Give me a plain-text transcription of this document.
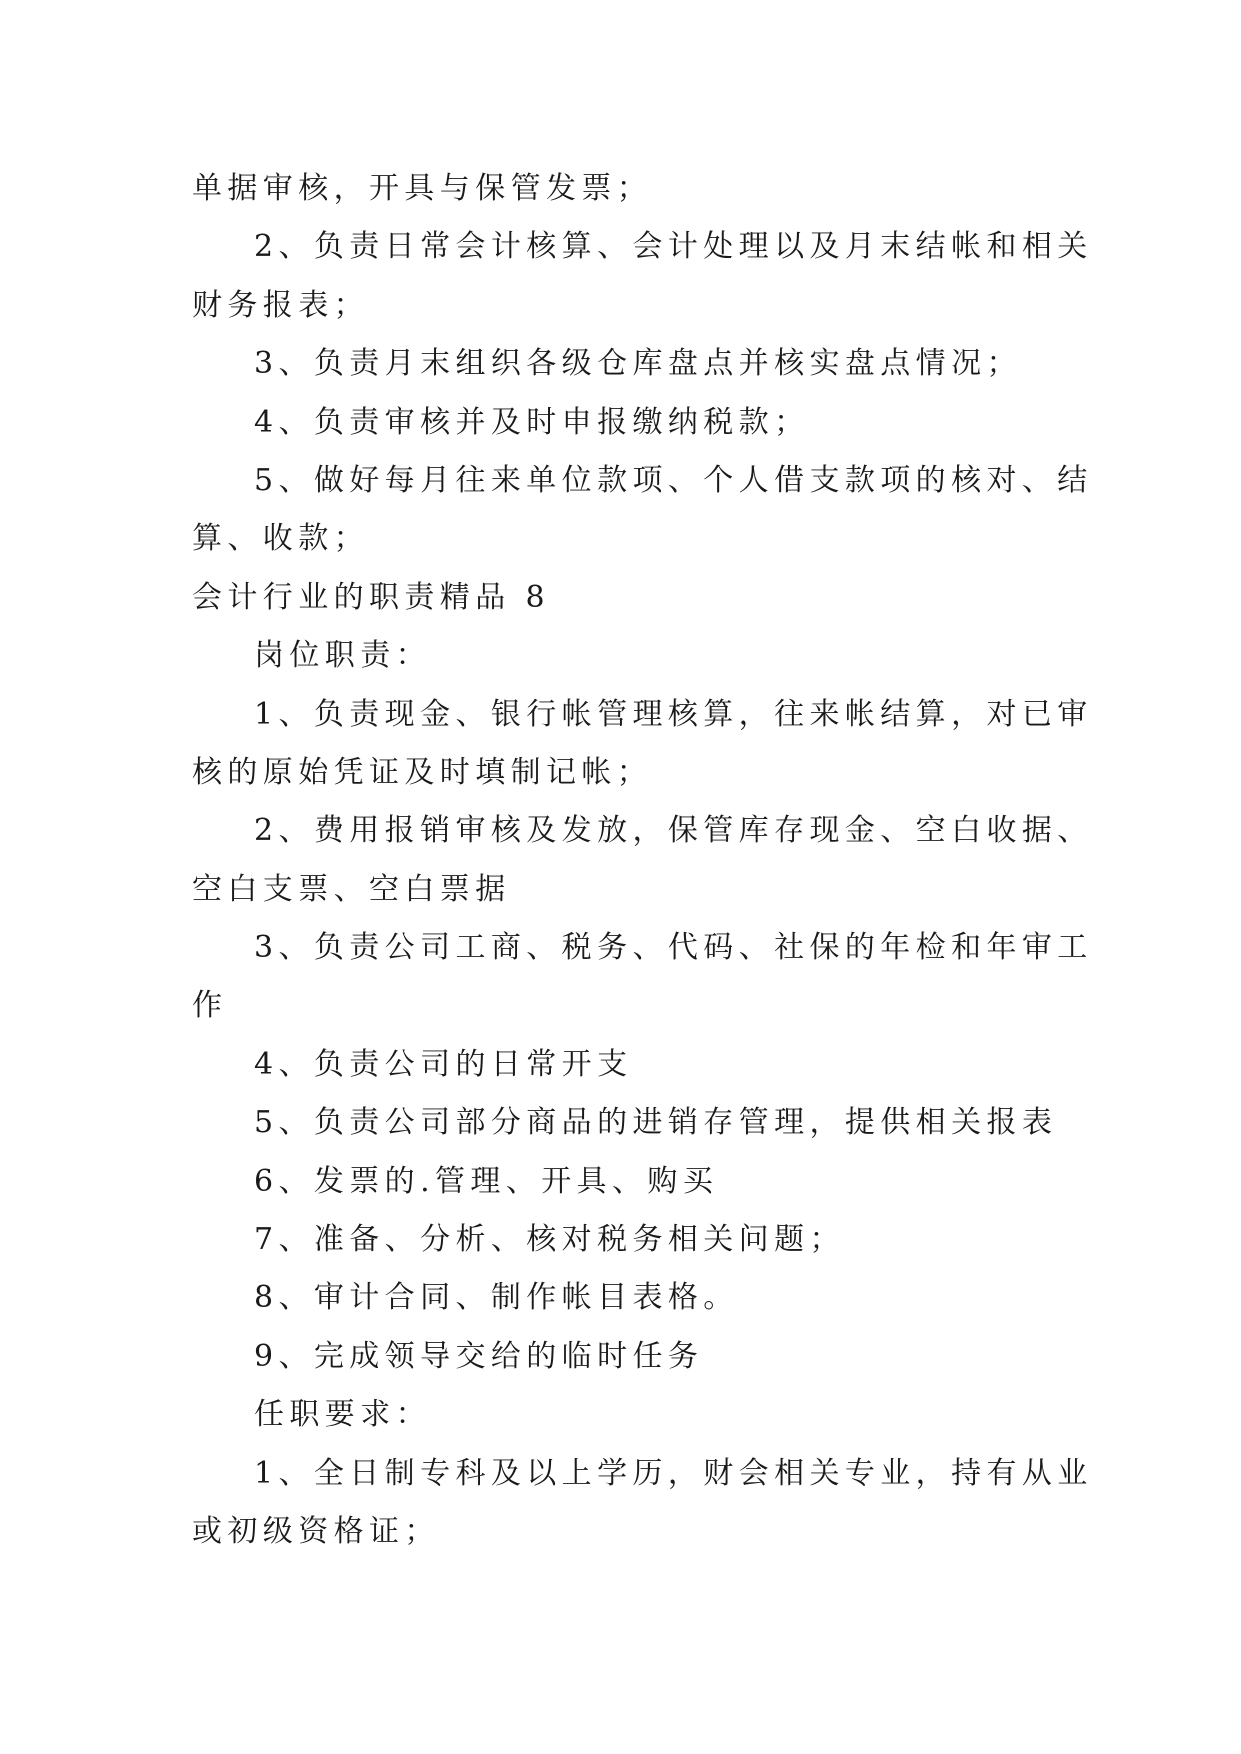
单据审核，开具与保管发票；
2、负责日常会计核算、会计处理以及月末结帐和相关
财务报表；
3、负责月末组织各级仓库盘点并核实盘点情况；
4、负责审核并及时申报缴纳税款；
5、做好每月往来单位款项、个人借支款项的核对、结
算、收款；
会计行业的职责精品 8
岗位职责：
1、负责现金、银行帐管理核算，往来帐结算，对已审
核的原始凭证及时填制记帐；
2、费用报销审核及发放，保管库存现金、空白收据、
空白支票、空白票据
3、负责公司工商、税务、代码、社保的年检和年审工
作
4、负责公司的日常开支
5、负责公司部分商品的进销存管理，提供相关报表
6、发票的.管理、开具、购买
7、准备、分析、核对税务相关问题；
8、审计合同、制作帐目表格。
9、完成领导交给的临时任务
任职要求：
1、全日制专科及以上学历，财会相关专业，持有从业
或初级资格证；
